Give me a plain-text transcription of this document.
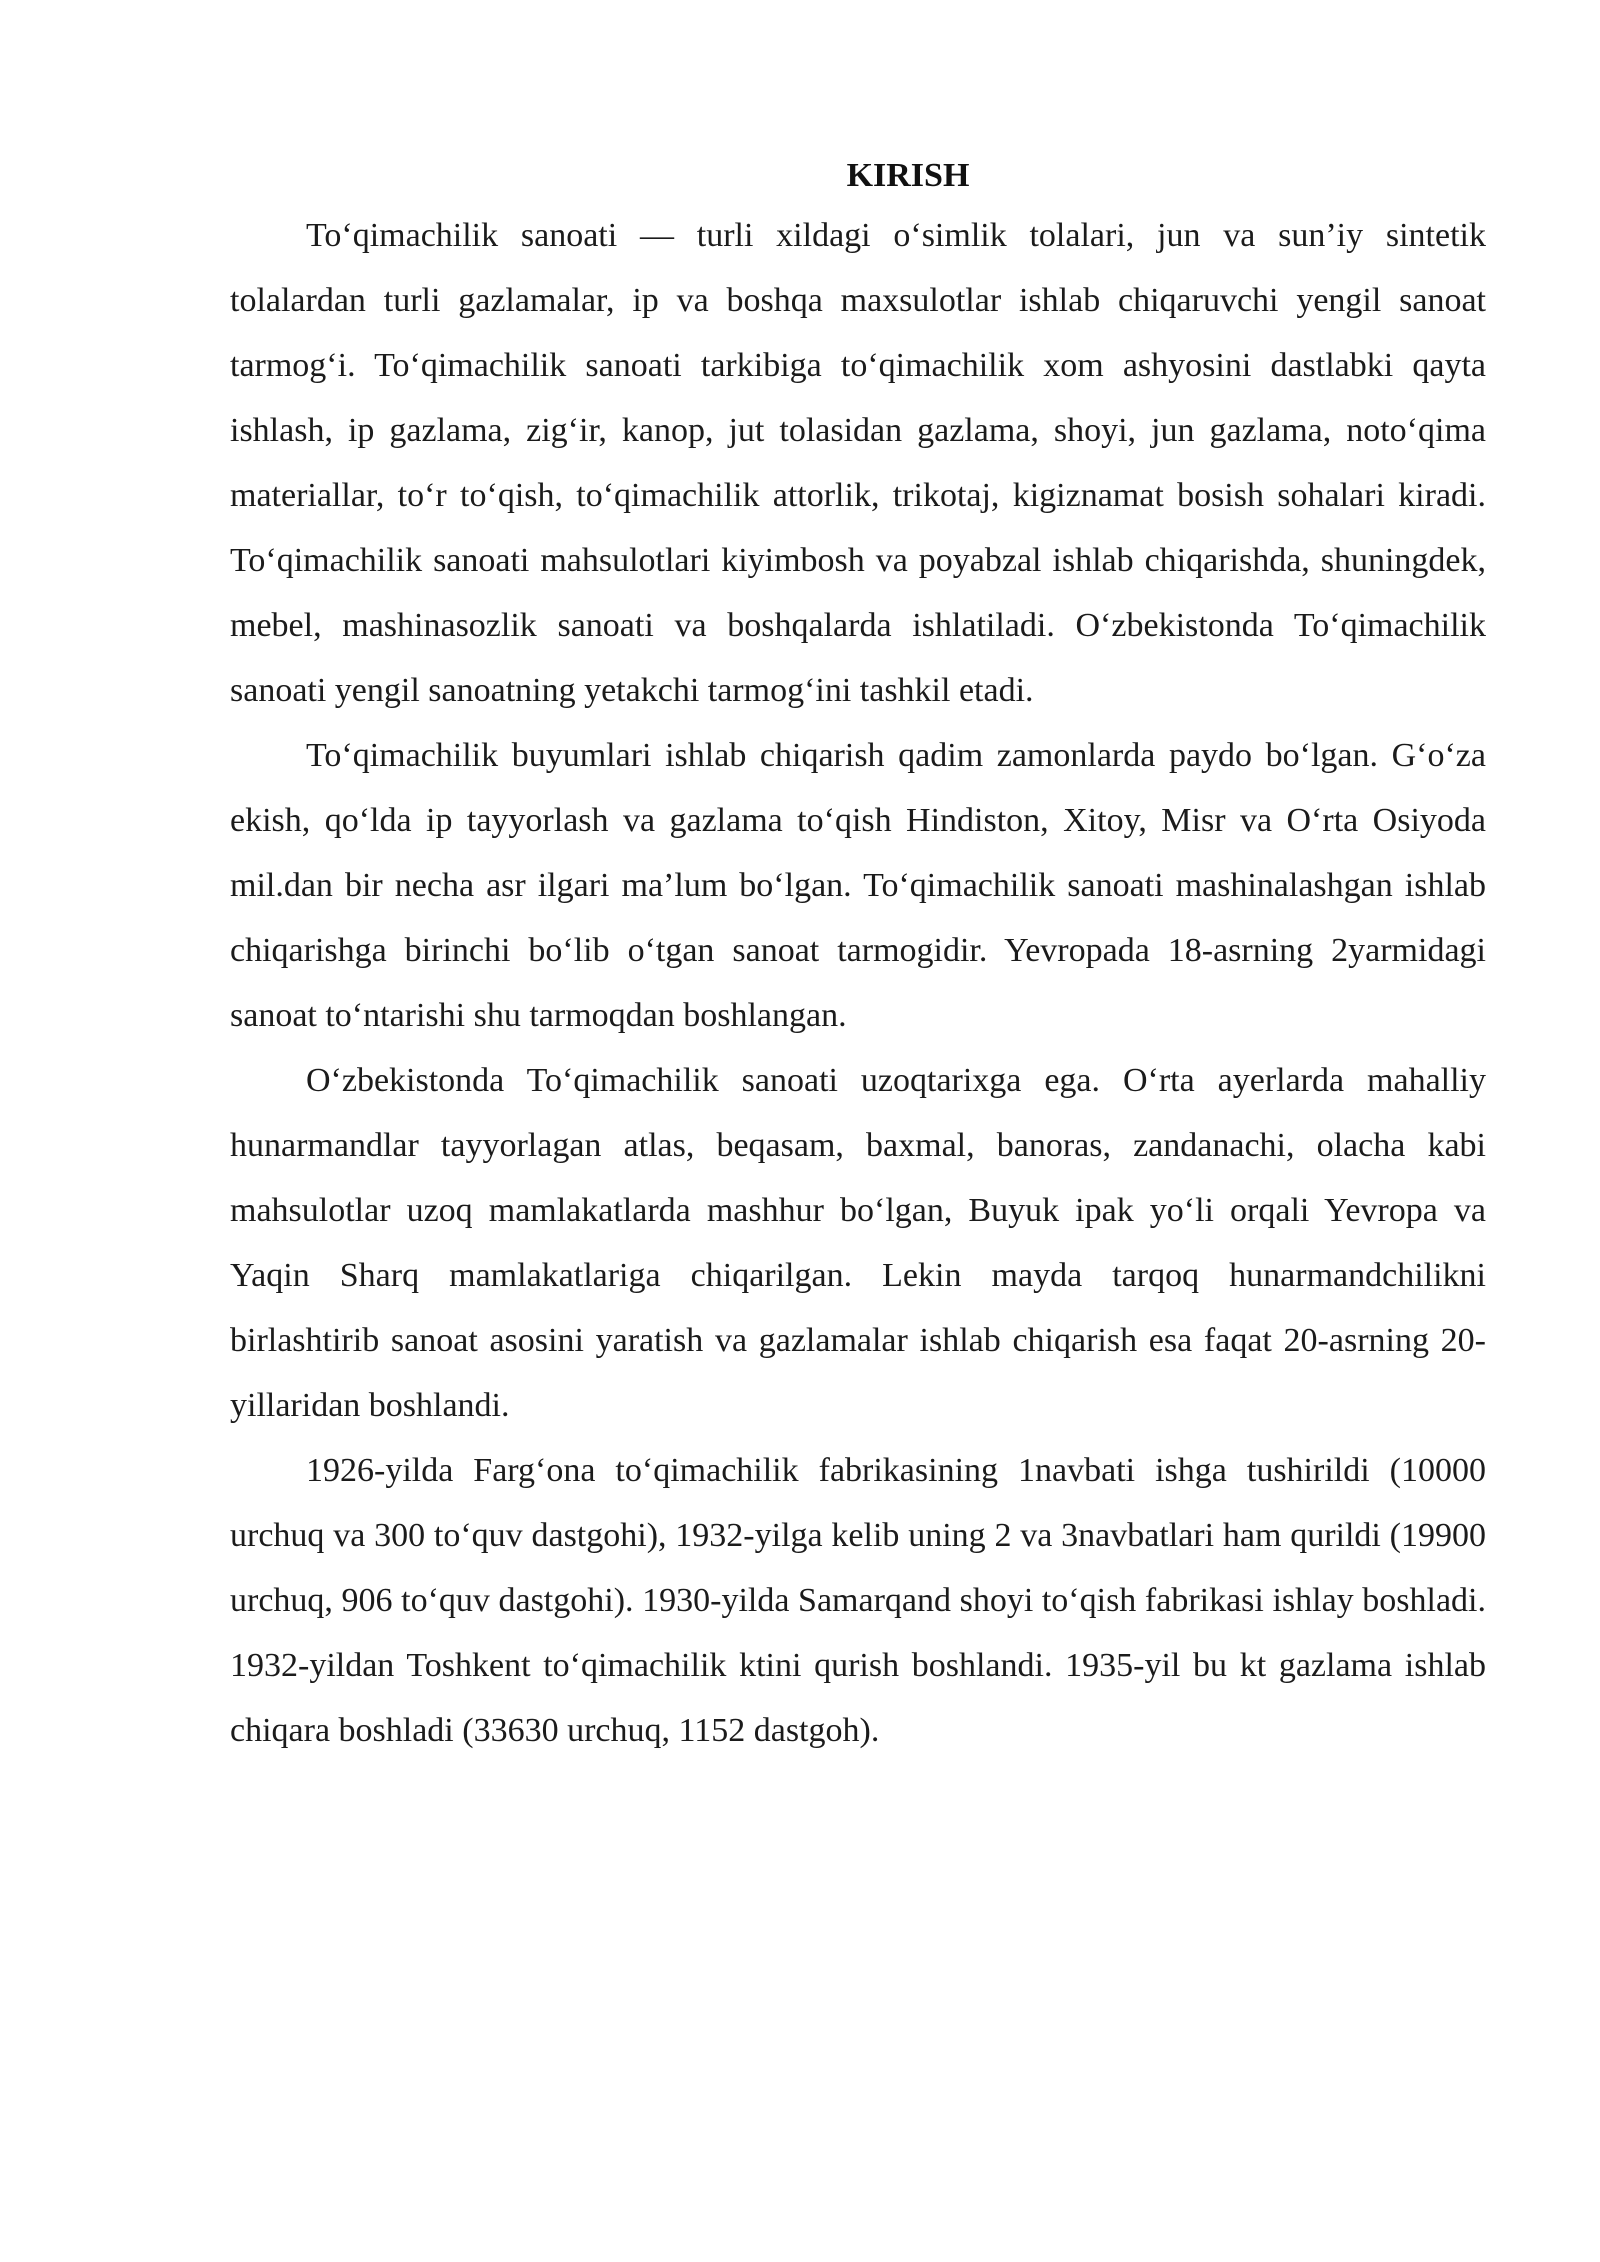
KIRISH

To‘qimachilik sanoati — turli xildagi o‘simlik tolalari, jun va sun’iy sintetik tolalardan turli gazlamalar, ip va boshqa maxsulotlar ishlab chiqaruvchi yengil sanoat tarmog‘i. To‘qimachilik sanoati tarkibiga to‘qimachilik xom ashyosini dastlabki qayta ishlash, ip gazlama, zig‘ir, kanop, jut tolasidan gazlama, shoyi, jun gazlama, noto‘qima materiallar, to‘r to‘qish, to‘qimachilik attorlik, trikotaj, kigiznamat bosish sohalari kiradi. To‘qimachilik sanoati mahsulotlari kiyimbosh va poyabzal ishlab chiqarishda, shuningdek, mebel, mashinasozlik sanoati va boshqalarda ishlatiladi. O‘zbekistonda To‘qimachilik sanoati yengil sanoatning yetakchi tarmog‘ini tashkil etadi.

To‘qimachilik buyumlari ishlab chiqarish qadim zamonlarda paydo bo‘lgan. G‘o‘za ekish, qo‘lda ip tayyorlash va gazlama to‘qish Hindiston, Xitoy, Misr va O‘rta Osiyoda mil.dan bir necha asr ilgari ma’lum bo‘lgan. To‘qimachilik sanoati mashinalashgan ishlab chiqarishga birinchi bo‘lib o‘tgan sanoat tarmogidir. Yevropada 18-asrning 2yarmidagi sanoat to‘ntarishi shu tarmoqdan boshlangan.

O‘zbekistonda To‘qimachilik sanoati uzoqtarixga ega. O‘rta ayerlarda mahalliy hunarmandlar tayyorlagan atlas, beqasam, baxmal, banoras, zandanachi, olacha kabi mahsulotlar uzoq mamlakatlarda mashhur bo‘lgan, Buyuk ipak yo‘li orqali Yevropa va Yaqin Sharq mamlakatlariga chiqarilgan. Lekin mayda tarqoq hunarmandchilikni birlashtirib sanoat asosini yaratish va gazlamalar ishlab chiqarish esa faqat 20-asrning 20-yillaridan boshlandi.

1926-yilda Farg‘ona to‘qimachilik fabrikasining 1navbati ishga tushirildi (10000 urchuq va 300 to‘quv dastgohi), 1932-yilga kelib uning 2 va 3navbatlari ham qurildi (19900 urchuq, 906 to‘quv dastgohi). 1930-yilda Samarqand shoyi to‘qish fabrikasi ishlay boshladi. 1932-yildan Toshkent to‘qimachilik ktini qurish boshlandi. 1935-yil bu kt gazlama ishlab chiqara boshladi (33630 urchuq, 1152 dastgoh).
